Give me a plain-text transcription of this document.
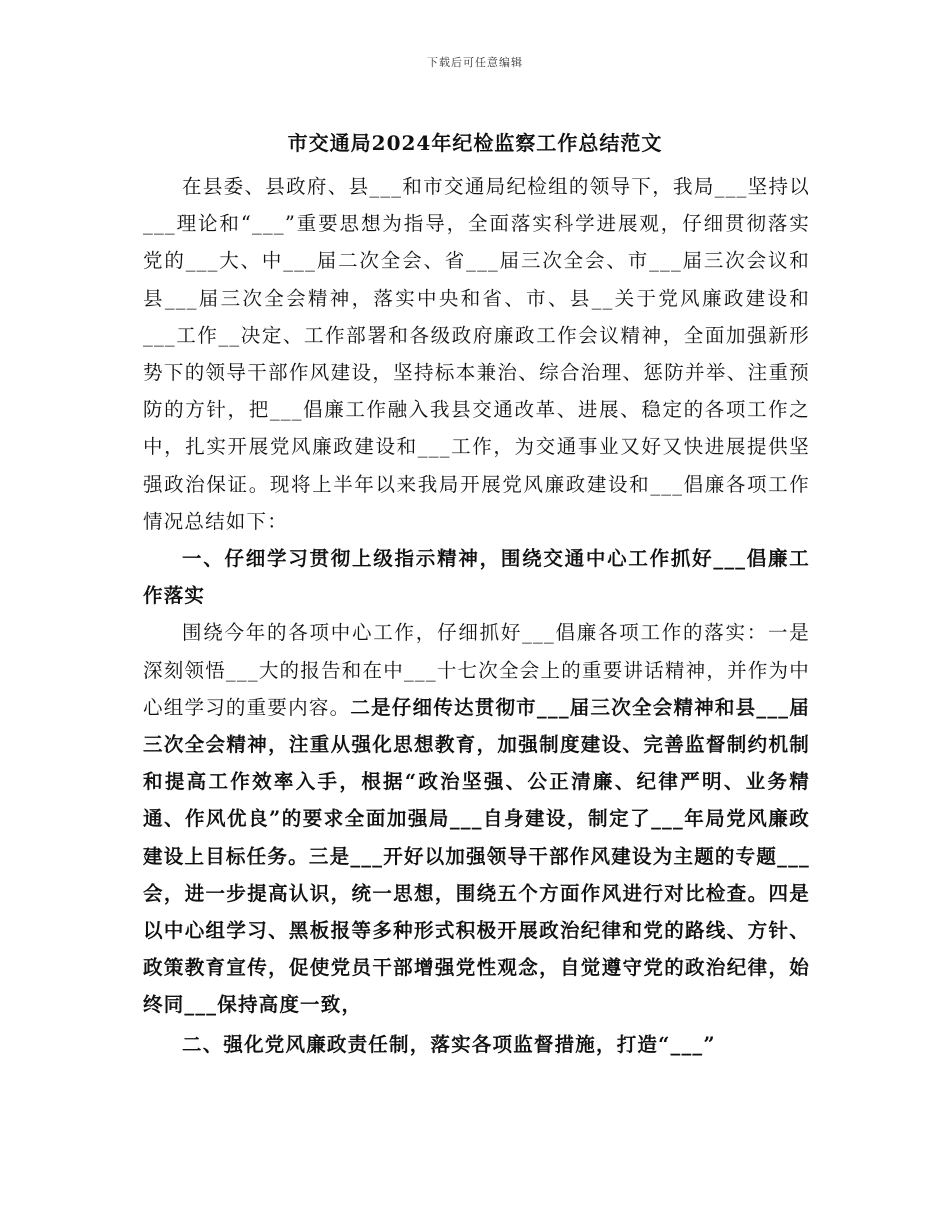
下载后可任意编辑
市交通局2024年纪检监察工作总结范文

在县委、县政府、县___和市交通局纪检组的领导下，我局___坚持以___理论和“___”重要思想为指导，全面落实科学进展观，仔细贯彻落实党的___大、中___届二次全会、省___届三次全会、市___届三次会议和县___届三次全会精神，落实中央和省、市、县__关于党风廉政建设和___工作__决定、工作部署和各级政府廉政工作会议精神，全面加强新形势下的领导干部作风建设，坚持标本兼治、综合治理、惩防并举、注重预防的方针，把___倡廉工作融入我县交通改革、进展、稳定的各项工作之中，扎实开展党风廉政建设和___工作，为交通事业又好又快进展提供坚强政治保证。现将上半年以来我局开展党风廉政建设和___倡廉各项工作情况总结如下：

一、仔细学习贯彻上级指示精神，围绕交通中心工作抓好___倡廉工作落实

围绕今年的各项中心工作，仔细抓好___倡廉各项工作的落实：一是深刻领悟___大的报告和在中___十七次全会上的重要讲话精神，并作为中心组学习的重要内容。二是仔细传达贯彻市___届三次全会精神和县___届三次全会精神，注重从强化思想教育，加强制度建设、完善监督制约机制和提高工作效率入手，根据“政治坚强、公正清廉、纪律严明、业务精通、作风优良”的要求全面加强局___自身建设，制定了___年局党风廉政建设上目标任务。三是___开好以加强领导干部作风建设为主题的专题___会，进一步提高认识，统一思想，围绕五个方面作风进行对比检查。四是以中心组学习、黑板报等多种形式积极开展政治纪律和党的路线、方针、政策教育宣传，促使党员干部增强党性观念，自觉遵守党的政治纪律，始终同___保持高度一致，

二、强化党风廉政责任制，落实各项监督措施，打造“___”
